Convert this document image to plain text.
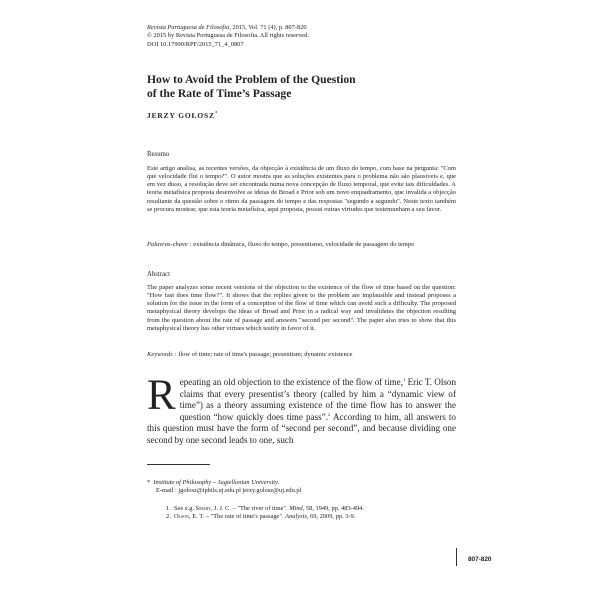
Revista Portuguesa de Filosofia, 2015, Vol. 71 (4), p. 807-820
© 2015 by Revista Portuguesa de Filosofia. All rights reserved.
DOI 10.17990/RPF/2015_71_4_0807
How to Avoid the Problem of the Question
of the Rate of Time’s Passage
JERZY GOŁOSZ*
Resumo
Este artigo analisa, as recentes versões, da objecção à existência de um fluxo do tempo, com base na pergunta: "Com que velocidade flui o tempo?". O autor mostra que as soluções existentes para o problema não são plausíveis e, que em vez disso, a resolução deve ser encontrada numa nova concepção de fluxo temporal, que evite tais dificuldades. A teoria metafísica proposta desenvolve as ideias de Broad e Prior sob um novo enquadramento, que invalida a objecção resultante da questão sobre o ritmo da passagem do tempo e das respostas "segundo a segundo". Neste texto também se procura mostrar, que esta teoria metafísica, aqui proposta, possui outras virtudes que testemunham a seu favor.
Palavras-chave : existência dinâmica, fluxo do tempo, presentismo, velocidade de passagem do tempo
Abstract
The paper analyzes some recent versions of the objection to the existence of the flow of time based on the question: "How fast does time flow?". It shows that the replies given to the problem are implausible and instead proposes a solution for the issue in the form of a conception of the flow of time which can avoid such a difficulty. The proposed metaphysical theory develops the ideas of Broad and Prior in a radical way and invalidates the objection resulting from the question about the rate of passage and answers "second per second". The paper also tries to show that this metaphysical theory has other virtues which testify in favor of it.
Keywords : flow of time; rate of time's passage; presentism; dynamic existence
Repeating an old objection to the existence of the flow of time,$^1$ Eric T. Olson claims that every presentist’s theory (called by him a “dynamic view of time”) as a theory assuming existence of the time flow has to answer the question “how quickly does time pass”.$^2$ According to him, all answers to this question must have the form of “second per second”, and because dividing one second by one second leads to one, such
* Institute of Philosophy – Jagiellonian University.
E-mail : jgolosz@iphils.uj.edu.pl jerzy.golosz@uj.edu.pl
1. See e.g. Smart, J. J. C. – "The river of time". Mind, 58, 1949, pp. 483-494.
2. Olson, E. T. – "The rate of time's passage". Analysis, 69, 2009, pp. 3-9.
807-820
